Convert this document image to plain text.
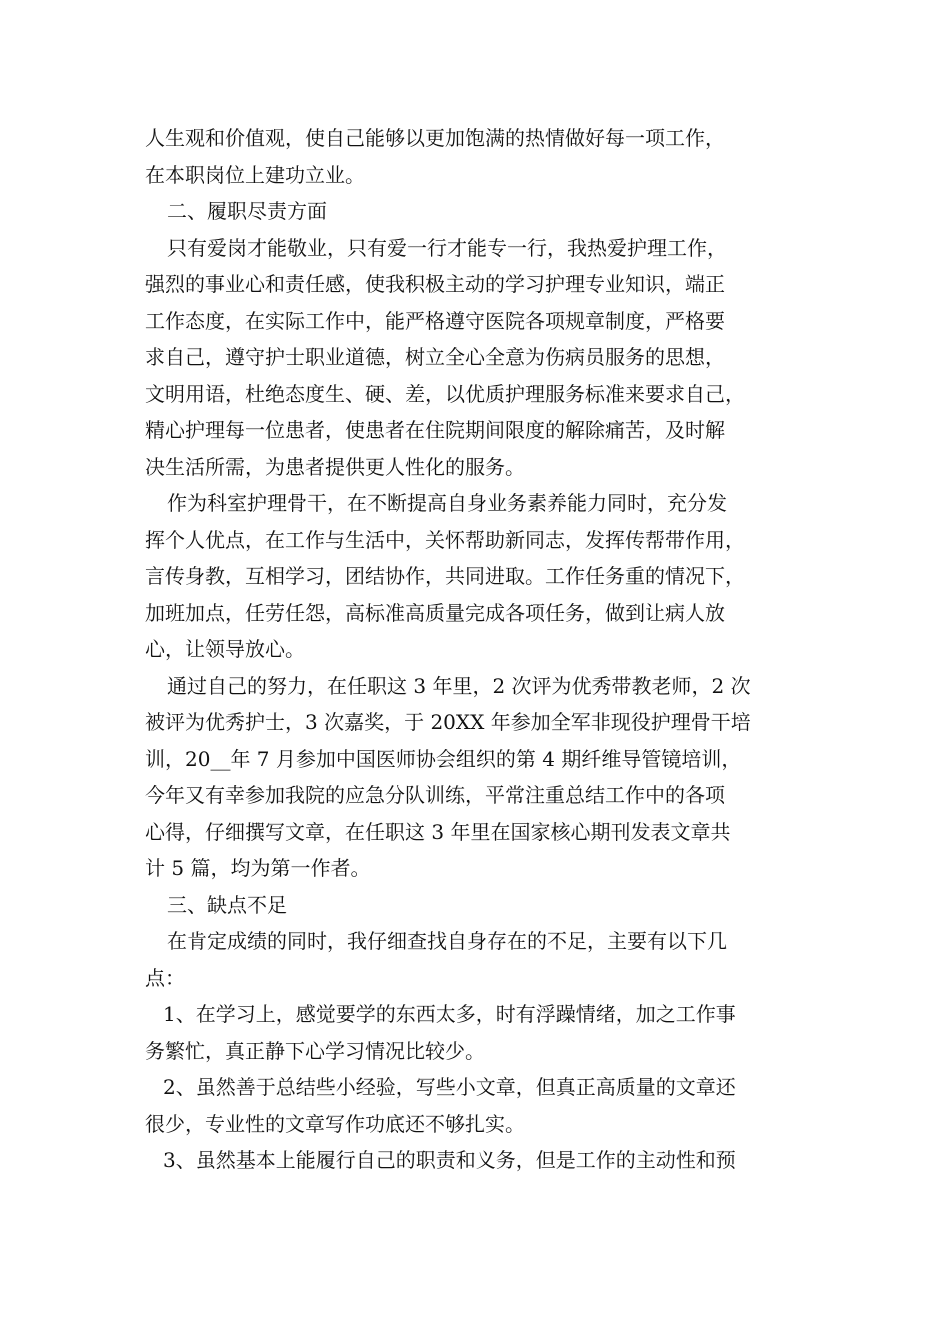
人生观和价值观，使自己能够以更加饱满的热情做好每一项工作，
在本职岗位上建功立业。
二、履职尽责方面
只有爱岗才能敬业，只有爱一行才能专一行，我热爱护理工作，
强烈的事业心和责任感，使我积极主动的学习护理专业知识，端正
工作态度，在实际工作中，能严格遵守医院各项规章制度，严格要
求自己，遵守护士职业道德，树立全心全意为伤病员服务的思想，
文明用语，杜绝态度生、硬、差，以优质护理服务标准来要求自己，
精心护理每一位患者，使患者在住院期间限度的解除痛苦，及时解
决生活所需，为患者提供更人性化的服务。
作为科室护理骨干，在不断提高自身业务素养能力同时，充分发
挥个人优点，在工作与生活中，关怀帮助新同志，发挥传帮带作用，
言传身教，互相学习，团结协作，共同进取。工作任务重的情况下，
加班加点，任劳任怨，高标准高质量完成各项任务，做到让病人放
心，让领导放心。
通过自己的努力，在任职这 3 年里，2 次评为优秀带教老师，2 次
被评为优秀护士，3 次嘉奖，于 20XX 年参加全军非现役护理骨干培
训，20__年 7 月参加中国医师协会组织的第 4 期纤维导管镜培训，
今年又有幸参加我院的应急分队训练，平常注重总结工作中的各项
心得，仔细撰写文章，在任职这 3 年里在国家核心期刊发表文章共
计 5 篇，均为第一作者。
三、缺点不足
在肯定成绩的同时，我仔细查找自身存在的不足，主要有以下几
点：
1、在学习上，感觉要学的东西太多，时有浮躁情绪，加之工作事
务繁忙，真正静下心学习情况比较少。
2、虽然善于总结些小经验，写些小文章，但真正高质量的文章还
很少，专业性的文章写作功底还不够扎实。
3、虽然基本上能履行自己的职责和义务，但是工作的主动性和预
